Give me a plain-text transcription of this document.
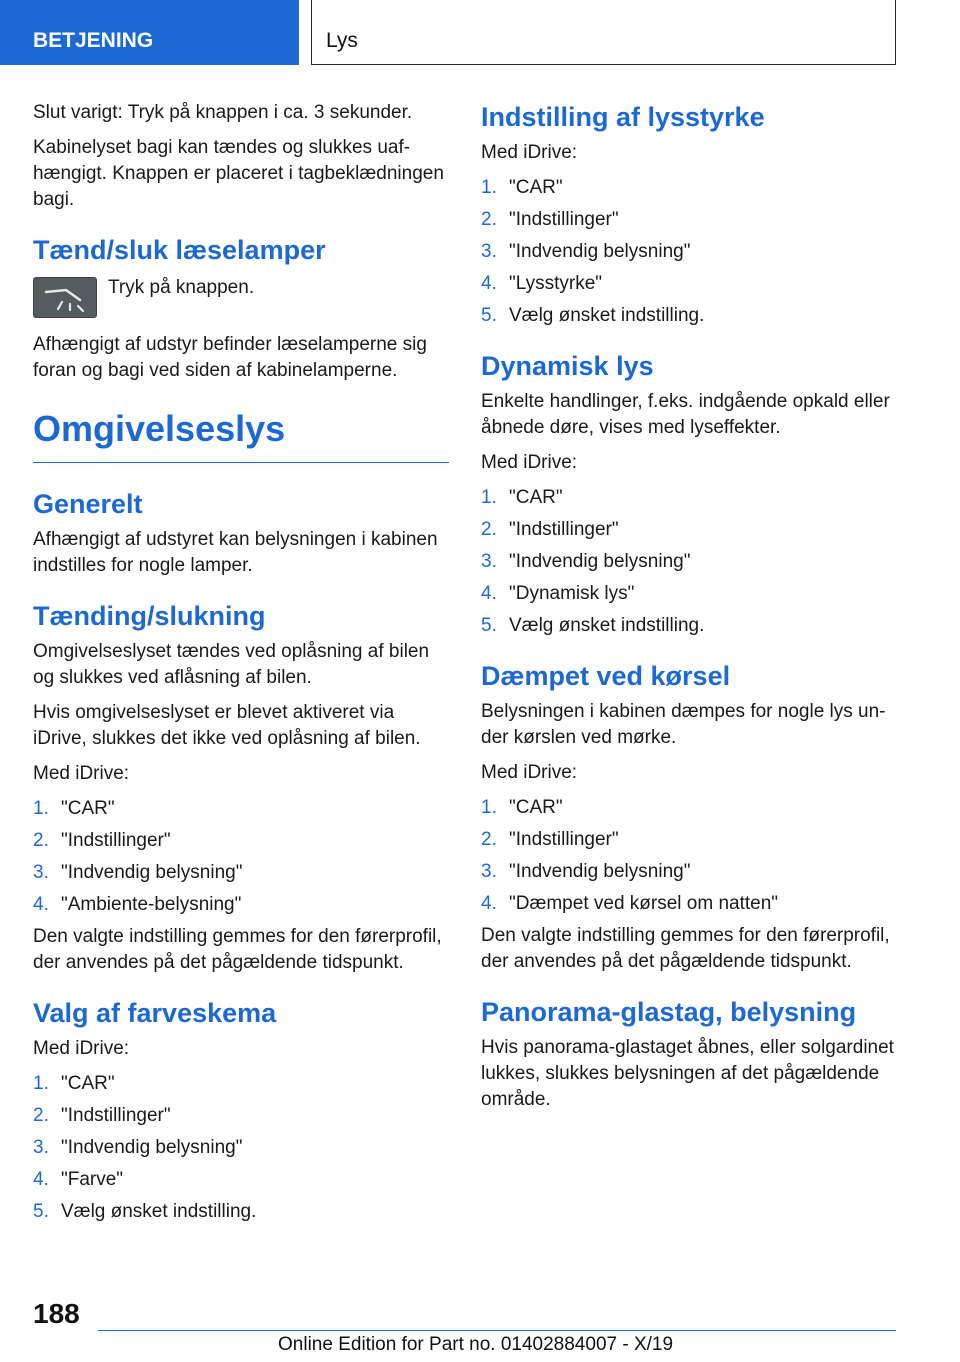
BETJENING	Lys

Slut varigt: Tryk på knappen i ca. 3 sekunder.

Kabinelyset bagi kan tændes og slukkes uaf‐hængigt. Knappen er placeret i tagbeklædningen bagi.

Tænd/sluk læselamper

Tryk på knappen.

Afhængigt af udstyr befinder læselamperne sig foran og bagi ved siden af kabinelamperne.

Omgivelseslys
Generelt

Afhængigt af udstyret kan belysningen i kabinen indstilles for nogle lamper.

Tænding/slukning

Omgivelseslyset tændes ved oplåsning af bilen og slukkes ved aflåsning af bilen.

Hvis omgivelseslyset er blevet aktiveret via iDrive, slukkes det ikke ved oplåsning af bilen.

Med iDrive:

1. "CAR"
2. "Indstillinger"
3. "Indvendig belysning"
4. "Ambiente-belysning"

Den valgte indstilling gemmes for den førerprofil, der anvendes på det pågældende tidspunkt.

Valg af farveskema

Med iDrive:

1. "CAR"
2. "Indstillinger"
3. "Indvendig belysning"
4. "Farve"
5. Vælg ønsket indstilling.
Indstilling af lysstyrke

Med iDrive:

1. "CAR"
2. "Indstillinger"
3. "Indvendig belysning"
4. "Lysstyrke"
5. Vælg ønsket indstilling.
Dynamisk lys

Enkelte handlinger, f.eks. indgående opkald eller åbnede døre, vises med lyseffekter.

Med iDrive:

1. "CAR"
2. "Indstillinger"
3. "Indvendig belysning"
4. "Dynamisk lys"
5. Vælg ønsket indstilling.
Dæmpet ved kørsel

Belysningen i kabinen dæmpes for nogle lys un‐der kørslen ved mørke.

Med iDrive:

1. "CAR"
2. "Indstillinger"
3. "Indvendig belysning"
4. "Dæmpet ved kørsel om natten"

Den valgte indstilling gemmes for den førerprofil, der anvendes på det pågældende tidspunkt.

Panorama-glastag, belysning

Hvis panorama-glastaget åbnes, eller solgardinet lukkes, slukkes belysningen af det pågældende område.

188
Online Edition for Part no. 01402884007 - X/19
